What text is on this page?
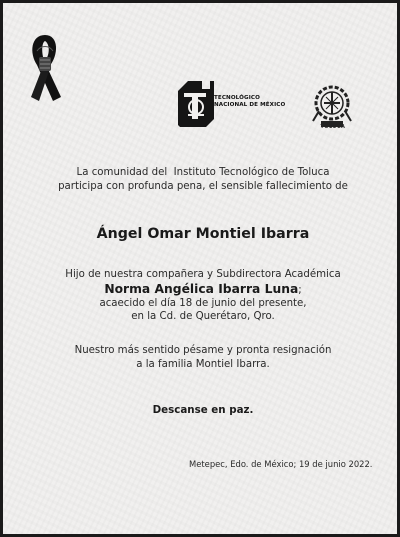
TECNOLÓGICO
NACIONAL DE MÉXICO
TOLUCA
La comunidad del  Instituto Tecnológico de Toluca
participa con profunda pena, el sensible fallecimiento de
Ángel Omar Montiel Ibarra
Hijo de nuestra compañera y Subdirectora Académica
Norma Angélica Ibarra Luna;
acaecido el día 18 de junio del presente,
en la Cd. de Querétaro, Qro.
Nuestro más sentido pésame y pronta resignación
a la familia Montiel Ibarra.
Descanse en paz.
Metepec, Edo. de México; 19 de junio 2022.
